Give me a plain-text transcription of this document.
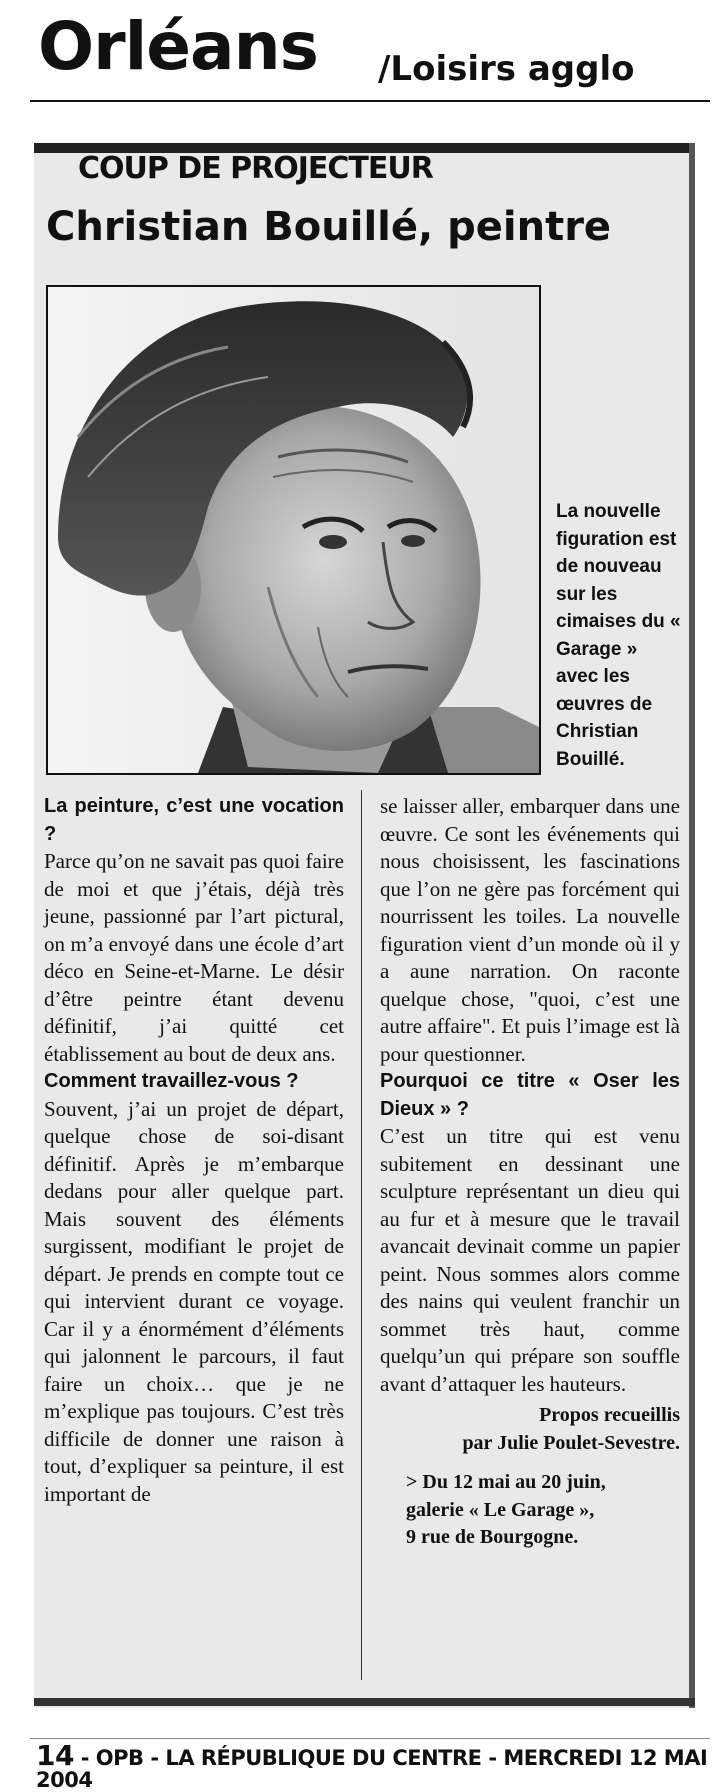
Orléans /Loisirs agglo
COUP DE PROJECTEUR
Christian Bouillé, peintre
La nouvelle figuration est de nouveau sur les cimaises du « Garage » avec les œuvres de Christian Bouillé.

La peinture, c’est une vocation ?

Parce qu’on ne savait pas quoi faire de moi et que j’étais, déjà très jeune, passionné par l’art pictural, on m’a envoyé dans une école d’art déco en Seine-et-Marne. Le désir d’être peintre étant devenu définitif, j’ai quitté cet établissement au bout de deux ans.

Comment travaillez-vous ?

Souvent, j’ai un projet de départ, quelque chose de soi-disant définitif. Après je m’embarque dedans pour aller quelque part. Mais souvent des éléments surgissent, modifiant le projet de départ. Je prends en compte tout ce qui intervient durant ce voyage. Car il y a énormément d’éléments qui jalonnent le parcours, il faut faire un choix… que je ne m’explique pas toujours. C’est très difficile de donner une raison à tout, d’expliquer sa peinture, il est important de

se laisser aller, embarquer dans une œuvre. Ce sont les événements qui nous choisissent, les fascinations que l’on ne gère pas forcément qui nourrissent les toiles. La nouvelle figuration vient d’un monde où il y a aune narration. On raconte quelque chose, "quoi, c’est une autre affaire". Et puis l’image est là pour questionner.

Pourquoi ce titre « Oser les Dieux » ?

C’est un titre qui est venu subitement en dessinant une sculpture représentant un dieu qui au fur et à mesure que le travail avancait devinait comme un papier peint. Nous sommes alors comme des nains qui veulent franchir un sommet très haut, comme quelqu’un qui prépare son souffle avant d’attaquer les hauteurs.

Propos recueillis

par Julie Poulet-Sevestre.

> Du 12 mai au 20 juin,

galerie « Le Garage »,

9 rue de Bourgogne.

14 - OPB - LA RÉPUBLIQUE DU CENTRE - MERCREDI 12 MAI 2004
